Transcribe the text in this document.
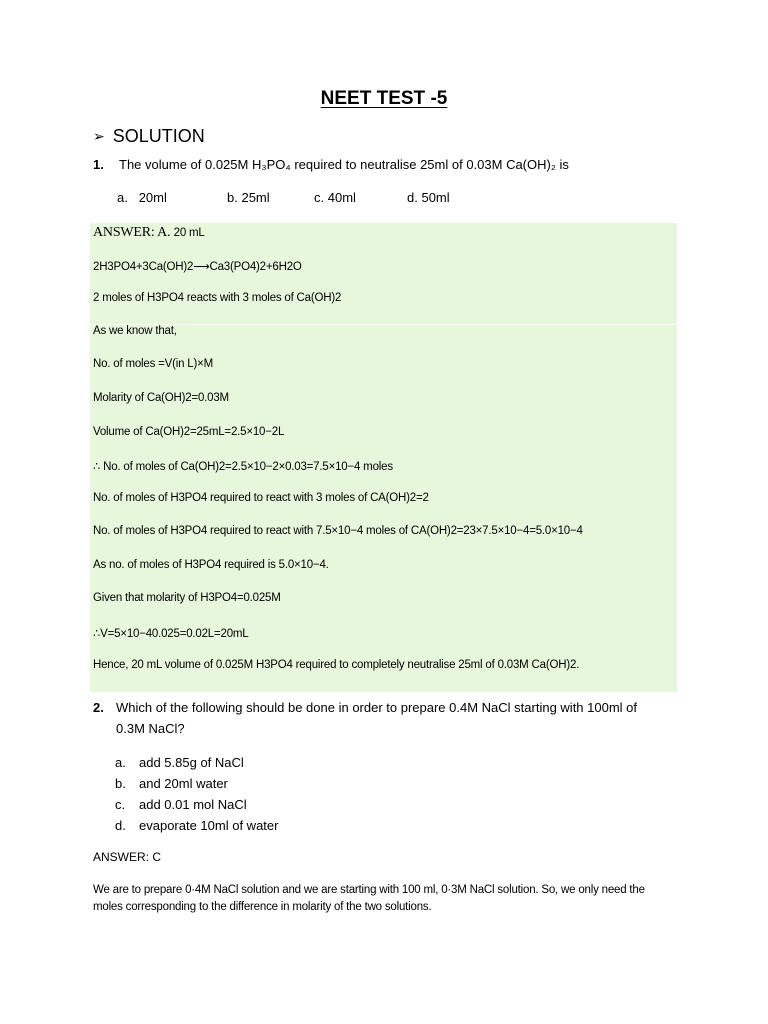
NEET TEST -5
➢ SOLUTION
1. The volume of 0.025M H₃PO₄ required to neutralise 25ml of 0.03M Ca(OH)₂ is
a. 20ml	b. 25ml	c. 40ml	d. 50ml
ANSWER: A. 20 mL
2H3PO4+3Ca(OH)2⟶Ca3(PO4)2+6H2O
2 moles of H3PO4 reacts with 3 moles of Ca(OH)2
As we know that,
No. of moles =V(in L)×M
Molarity of Ca(OH)2=0.03M
Volume of Ca(OH)2=25mL=2.5×10−2L
∴ No. of moles of Ca(OH)2=2.5×10−2×0.03=7.5×10−4 moles
No. of moles of H3PO4 required to react with 3 moles of CA(OH)2=2
No. of moles of H3PO4 required to react with 7.5×10−4 moles of CA(OH)2=23×7.5×10−4=5.0×10−4
As no. of moles of H3PO4 required is 5.0×10−4.
Given that molarity of H3PO4=0.025M
∴V=5×10−40.025=0.02L=20mL
Hence, 20 mL volume of 0.025M H3PO4 required to completely neutralise 25ml of 0.03M Ca(OH)2.
2. Which of the following should be done in order to prepare 0.4M NaCl starting with 100ml of 0.3M NaCl?
a. add 5.85g of NaCl
b. and 20ml water
c. add 0.01 mol NaCl
d. evaporate 10ml of water
ANSWER: C
We are to prepare 0·4M NaCl solution and we are starting with 100 ml, 0·3M NaCl solution. So, we only need the moles corresponding to the difference in molarity of the two solutions.
